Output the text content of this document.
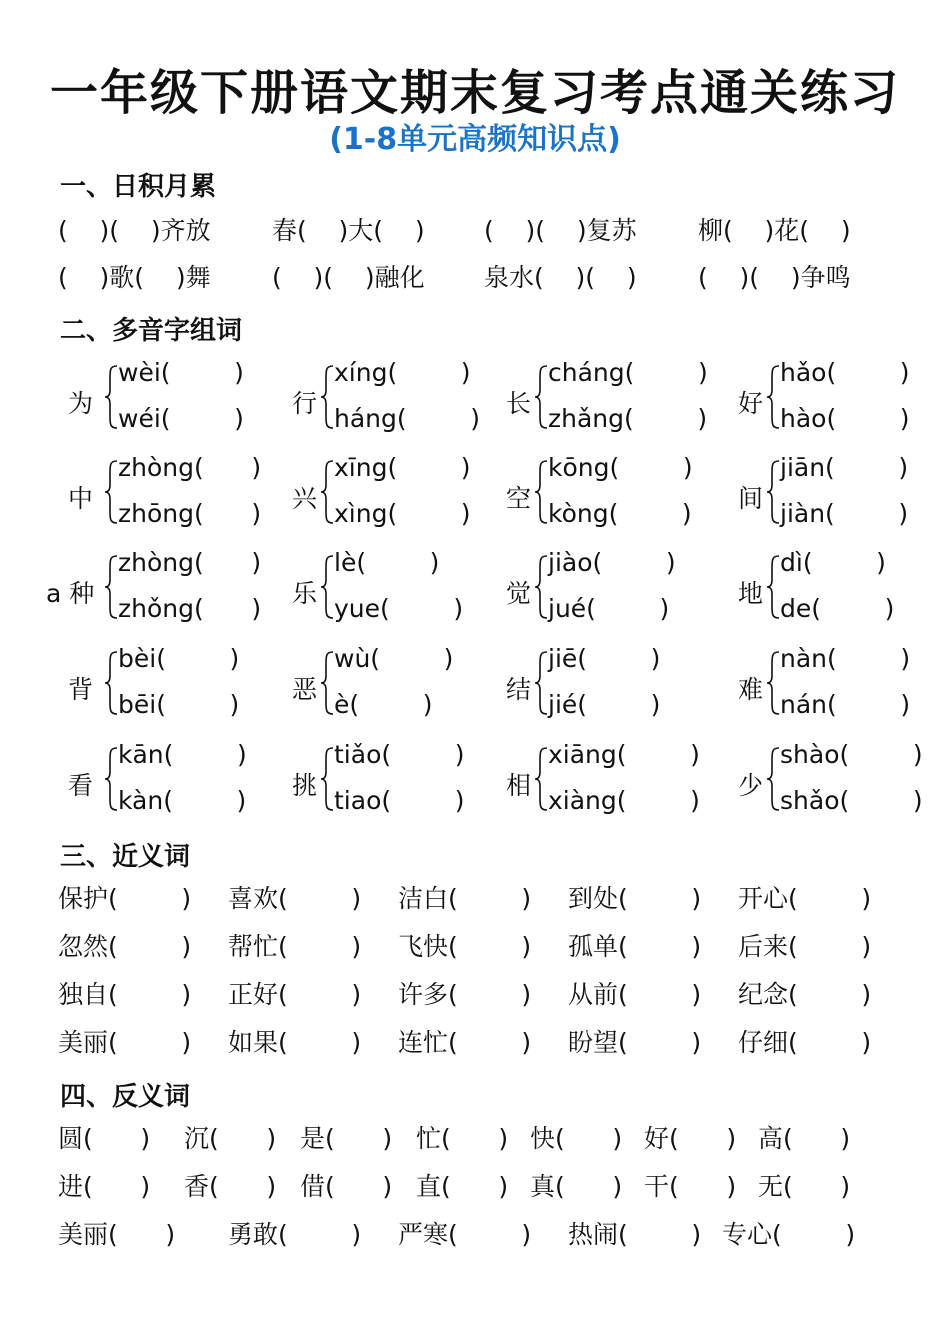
一年级下册语文期末复习考点通关练习
(1-8单元高频知识点)
一、日积月累
(    )(    )齐放 春(    )大(    ) (    )(    )复苏 柳(    )花(    )
(    )歌(    )舞 (    )(    )融化 泉水(    )(    ) (    )(    )争鸣
二、多音字组词
为
wèi(        )
wéi(        )
行
xíng(        )
háng(        )
长
cháng(        )
zhǎng(        )
好
hǎo(        )
hào(        )
中
zhòng(      )
zhōng(      )
兴
xīng(        )
xìng(        )
空
kōng(        )
kòng(        )
间
jiān(        )
jiàn(        )
a 种
zhòng(      )
zhǒng(      )
乐
lè(        )
yue(        )
觉
jiào(        )
jué(        )
地
dì(        )
de(        )
背
bèi(        )
bēi(        )
恶
wù(        )
è(        )
结
jiē(        )
jié(        )
难
nàn(        )
nán(        )
看
kān(        )
kàn(        )
挑
tiǎo(        )
tiao(        )
相
xiāng(        )
xiàng(        )
少
shào(        )
shǎo(        )
三、近义词
保护(        ) 喜欢(        ) 洁白(        ) 到处(        ) 开心(        )
忽然(        ) 帮忙(        ) 飞快(        ) 孤单(        ) 后来(        )
独自(        ) 正好(        ) 许多(        ) 从前(        ) 纪念(        )
美丽(        ) 如果(        ) 连忙(        ) 盼望(        ) 仔细(        )
四、反义词
圆(      ) 沉(      ) 是(      ) 忙(      ) 快(      ) 好(      ) 高(      )
进(      ) 香(      ) 借(      ) 直(      ) 真(      ) 干(      ) 无(      )
美丽(      ) 勇敢(        ) 严寒(        ) 热闹(        ) 专心(        )
